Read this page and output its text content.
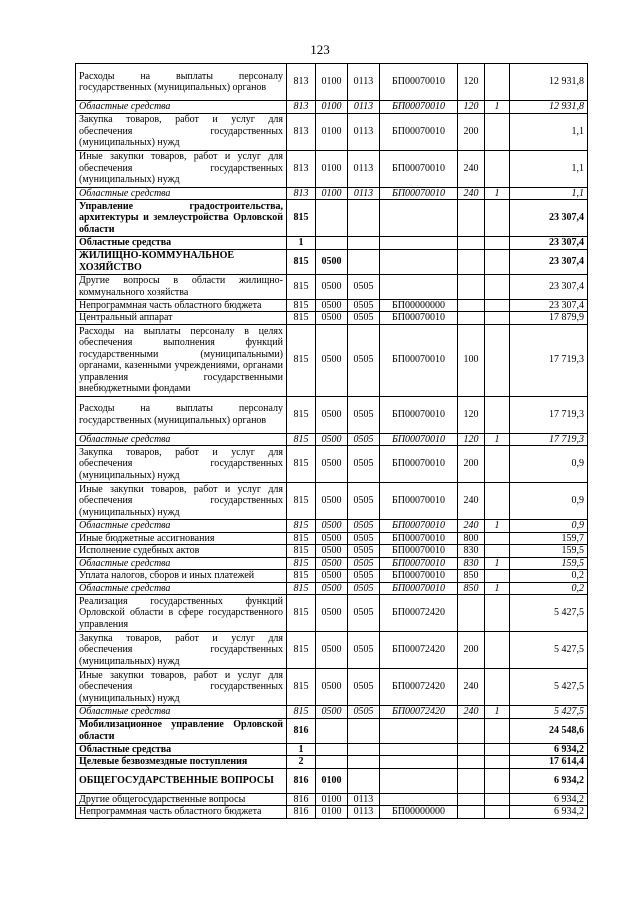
123
Расходы на выплаты персоналу государственных (муниципальных) органов	813	0100	0113	БП00070010	120		12 931,8
Областные средства	813	0100	0113	БП00070010	120	1	12 931,8
Закупка товаров, работ и услуг для обеспечения государственных (муниципальных) нужд	813	0100	0113	БП00070010	200		1,1
Иные закупки товаров, работ и услуг для обеспечения государственных (муниципальных) нужд	813	0100	0113	БП00070010	240		1,1
Областные средства	813	0100	0113	БП00070010	240	1	1,1
Управление градостроительства, архитектуры и землеустройства Орловской области	815						23 307,4
Областные средства	1						23 307,4
ЖИЛИЩНО-КОММУНАЛЬНОЕ ХОЗЯЙСТВО	815	0500					23 307,4
Другие вопросы в области жилищно-коммунального хозяйства	815	0500	0505				23 307,4
Непрограммная часть областного бюджета	815	0500	0505	БП00000000			23 307,4
Центральный аппарат	815	0500	0505	БП00070010			17 879,9
Расходы на выплаты персоналу в целях обеспечения выполнения функций государственными (муниципальными) органами, казенными учреждениями, органами управления государственными внебюджетными фондами	815	0500	0505	БП00070010	100		17 719,3
Расходы на выплаты персоналу государственных (муниципальных) органов	815	0500	0505	БП00070010	120		17 719,3
Областные средства	815	0500	0505	БП00070010	120	1	17 719,3
Закупка товаров, работ и услуг для обеспечения государственных (муниципальных) нужд	815	0500	0505	БП00070010	200		0,9
Иные закупки товаров, работ и услуг для обеспечения государственных (муниципальных) нужд	815	0500	0505	БП00070010	240		0,9
Областные средства	815	0500	0505	БП00070010	240	1	0,9
Иные бюджетные ассигнования	815	0500	0505	БП00070010	800		159,7
Исполнение судебных актов	815	0500	0505	БП00070010	830		159,5
Областные средства	815	0500	0505	БП00070010	830	1	159,5
Уплата налогов, сборов и иных платежей	815	0500	0505	БП00070010	850		0,2
Областные средства	815	0500	0505	БП00070010	850	1	0,2
Реализация государственных функций Орловской области в сфере государственного управления	815	0500	0505	БП00072420			5 427,5
Закупка товаров, работ и услуг для обеспечения государственных (муниципальных) нужд	815	0500	0505	БП00072420	200		5 427,5
Иные закупки товаров, работ и услуг для обеспечения государственных (муниципальных) нужд	815	0500	0505	БП00072420	240		5 427,5
Областные средства	815	0500	0505	БП00072420	240	1	5 427,5
Мобилизационное управление Орловской области	816						24 548,6
Областные средства	1						6 934,2
Целевые безвозмездные поступления	2						17 614,4
ОБЩЕГОСУДАРСТВЕННЫЕ ВОПРОСЫ	816	0100					6 934,2
Другие общегосударственные вопросы	816	0100	0113				6 934,2
Непрограммная часть областного бюджета	816	0100	0113	БП00000000			6 934,2
